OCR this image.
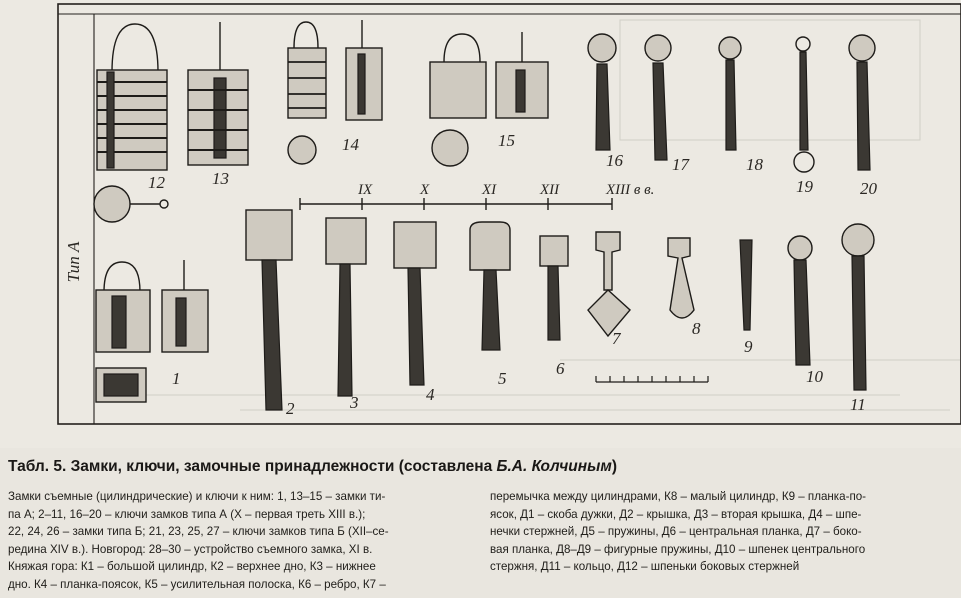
Тип А
IX	X	XI	XII	XIII в в.
1
2	3	4
5
6
7
8
9
10
11
12	13
14	15
16	17	18
19	20
Табл. 5. Замки, ключи, замочные принадлежности (составлена Б.А. Колчиным)
Замки съемные (цилиндрические) и ключи к ним: 1, 13–15 – замки ти-
па А; 2–11, 16–20 – ключи замков типа А (X – первая треть XIII в.);
22, 24, 26 – замки типа Б; 21, 23, 25, 27 – ключи замков типа Б (XII–се-
редина XIV в.). Новгород: 28–30 – устройство съемного замка, XI в.
Княжая гора: К1 – большой цилиндр, К2 – верхнее дно, К3 – нижнее
дно. К4 – планка-поясок, К5 – усилительная полоска, К6 – ребро, К7 –
перемычка между цилиндрами, К8 – малый цилиндр, К9 – планка-по-
ясок, Д1 – скоба дужки, Д2 – крышка, Д3 – вторая крышка, Д4 – шпе-
нечки стержней, Д5 – пружины, Д6 – центральная планка, Д7 – боко-
вая планка, Д8–Д9 – фигурные пружины, Д10 – шпенек центрального
стержня, Д11 – кольцо, Д12 – шпеньки боковых стержней
